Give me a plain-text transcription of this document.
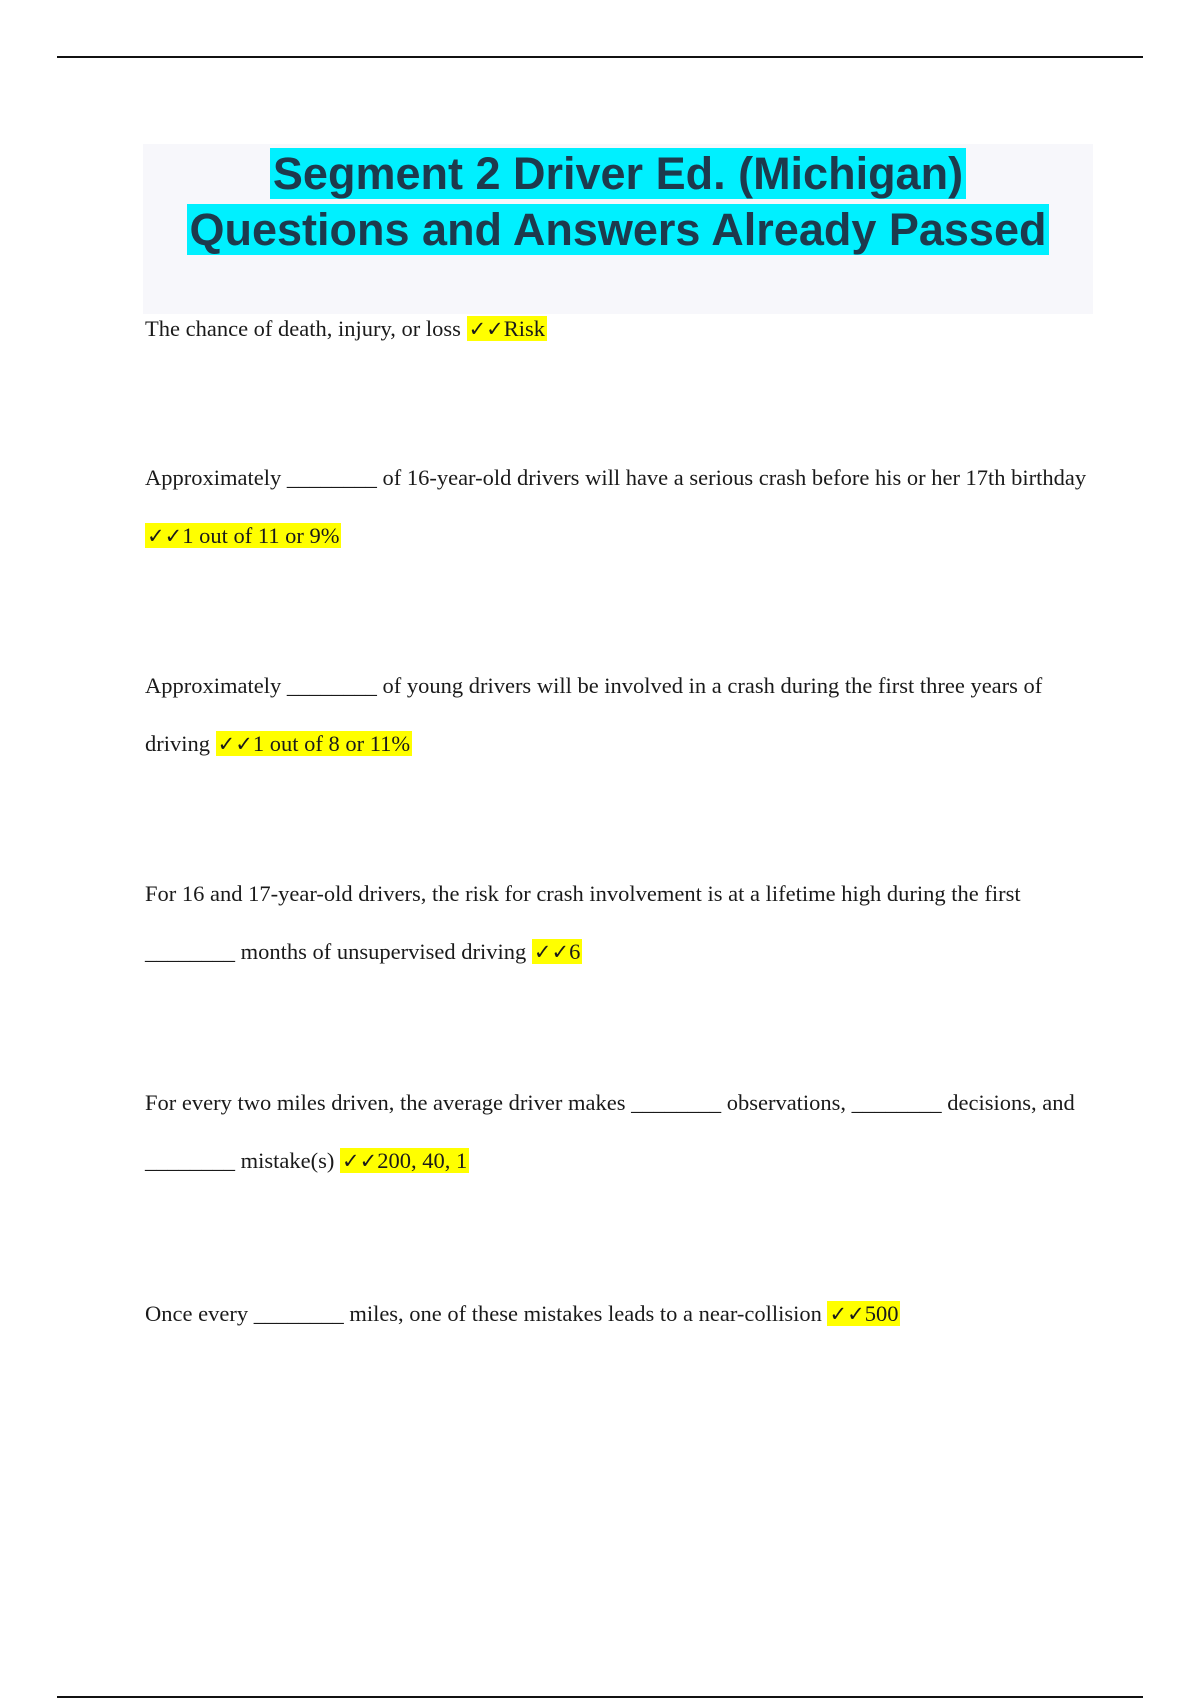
Segment 2 Driver Ed. (Michigan)
Questions and Answers Already Passed

The chance of death, injury, or loss ✓✓Risk

Approximately ________ of 16-year-old drivers will have a serious crash before his or her 17th birthday ✓✓1 out of 11 or 9%

Approximately ________ of young drivers will be involved in a crash during the first three years of driving ✓✓1 out of 8 or 11%

For 16 and 17-year-old drivers, the risk for crash involvement is at a lifetime high during the first ________ months of unsupervised driving ✓✓6

For every two miles driven, the average driver makes ________ observations, ________ decisions, and ________ mistake(s) ✓✓200, 40, 1

Once every ________ miles, one of these mistakes leads to a near-collision ✓✓500
